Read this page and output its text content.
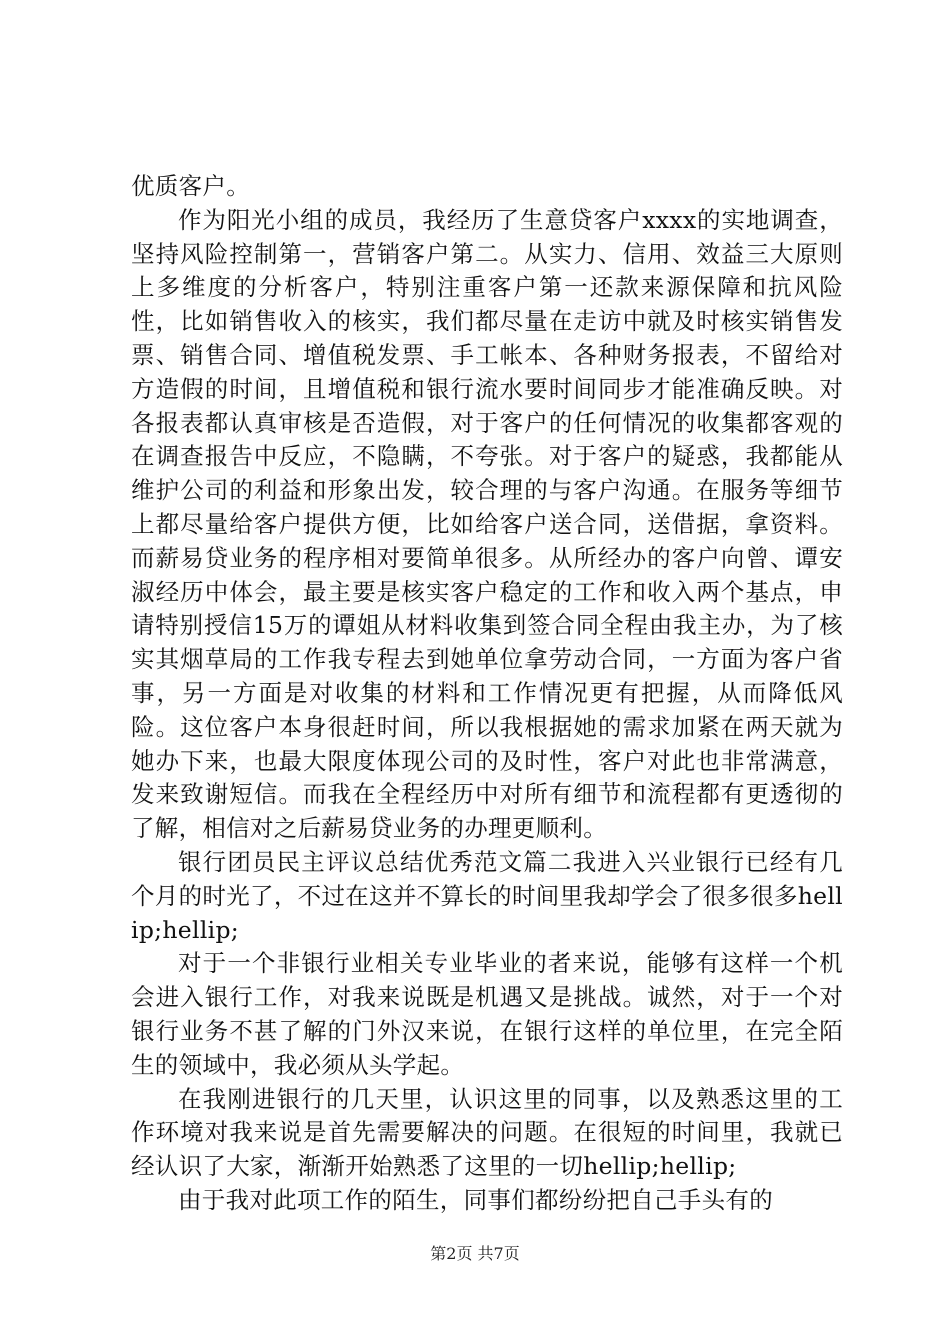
优质客户。

作为阳光小组的成员，我经历了生意贷客户xxxx的实地调查，坚持风险控制第一，营销客户第二。从实力、信用、效益三大原则上多维度的分析客户，特别注重客户第一还款来源保障和抗风险性，比如销售收入的核实，我们都尽量在走访中就及时核实销售发票、销售合同、增值税发票、手工帐本、各种财务报表，不留给对方造假的时间，且增值税和银行流水要时间同步才能准确反映。对各报表都认真审核是否造假，对于客户的任何情况的收集都客观的在调查报告中反应，不隐瞒，不夸张。对于客户的疑惑，我都能从维护公司的利益和形象出发，较合理的与客户沟通。在服务等细节上都尽量给客户提供方便，比如给客户送合同，送借据，拿资料。而薪易贷业务的程序相对要简单很多。从所经办的客户向曾、谭安淑经历中体会，最主要是核实客户稳定的工作和收入两个基点，申请特别授信15万的谭姐从材料收集到签合同全程由我主办，为了核实其烟草局的工作我专程去到她单位拿劳动合同，一方面为客户省事，另一方面是对收集的材料和工作情况更有把握，从而降低风险。这位客户本身很赶时间，所以我根据她的需求加紧在两天就为她办下来，也最大限度体现公司的及时性，客户对此也非常满意，发来致谢短信。而我在全程经历中对所有细节和流程都有更透彻的了解，相信对之后薪易贷业务的办理更顺利。

银行团员民主评议总结优秀范文篇二我进入兴业银行已经有几个月的时光了，不过在这并不算长的时间里我却学会了很多很多hellip;hellip;

对于一个非银行业相关专业毕业的者来说，能够有这样一个机会进入银行工作，对我来说既是机遇又是挑战。诚然，对于一个对银行业务不甚了解的门外汉来说，在银行这样的单位里，在完全陌生的领域中，我必须从头学起。

在我刚进银行的几天里，认识这里的同事，以及熟悉这里的工作环境对我来说是首先需要解决的问题。在很短的时间里，我就已经认识了大家，渐渐开始熟悉了这里的一切hellip;hellip;

由于我对此项工作的陌生，同事们都纷纷把自己手头有的

第2页 共7页
